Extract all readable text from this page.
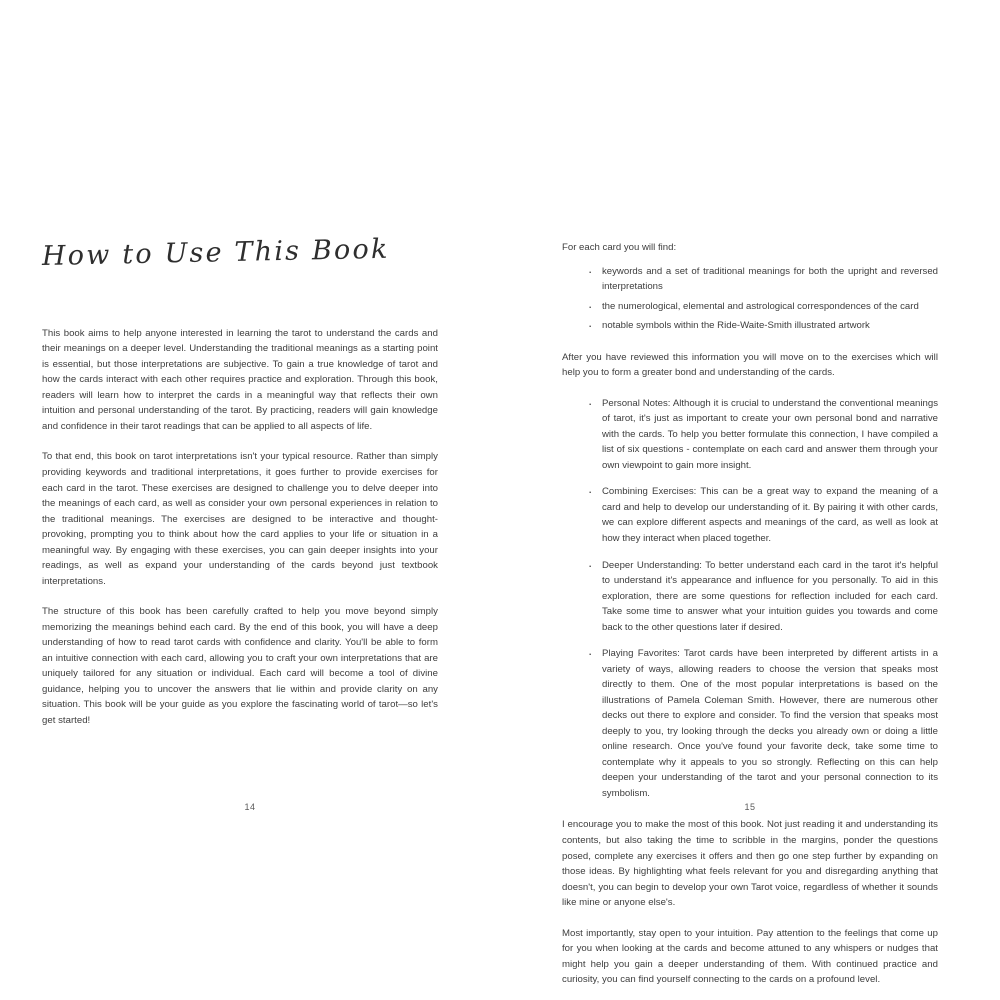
How to Use This Book

This book aims to help anyone interested in learning the tarot to understand the cards and their meanings on a deeper level. Understanding the traditional meanings as a starting point is essential, but those interpretations are subjective. To gain a true knowledge of tarot and how the cards interact with each other requires practice and exploration. Through this book, readers will learn how to interpret the cards in a meaningful way that reflects their own intuition and personal understanding of the tarot. By practicing, readers will gain knowledge and confidence in their tarot readings that can be applied to all aspects of life.

To that end, this book on tarot interpretations isn't your typical resource. Rather than simply providing keywords and traditional interpretations, it goes further to provide exercises for each card in the tarot. These exercises are designed to challenge you to delve deeper into the meanings of each card, as well as consider your own personal experiences in relation to the traditional meanings. The exercises are designed to be interactive and thought-provoking, prompting you to think about how the card applies to your life or situation in a meaningful way. By engaging with these exercises, you can gain deeper insights into your readings, as well as expand your understanding of the cards beyond just textbook interpretations.

The structure of this book has been carefully crafted to help you move beyond simply memorizing the meanings behind each card. By the end of this book, you will have a deep understanding of how to read tarot cards with confidence and clarity. You'll be able to form an intuitive connection with each card, allowing you to craft your own interpretations that are uniquely tailored for any situation or individual. Each card will become a tool of divine guidance, helping you to uncover the answers that lie within and provide clarity on any situation. This book will be your guide as you explore the fascinating world of tarot—so let's get started!

14

For each card you will find:

· keywords and a set of traditional meanings for both the upright and reversed interpretations
· the numerological, elemental and astrological correspondences of the card
· notable symbols within the Ride-Waite-Smith illustrated artwork

After you have reviewed this information you will move on to the exercises which will help you to form a greater bond and understanding of the cards.

· Personal Notes: Although it is crucial to understand the conventional meanings of tarot, it's just as important to create your own personal bond and narrative with the cards. To help you better formulate this connection, I have compiled a list of six questions - contemplate on each card and answer them through your own viewpoint to gain more insight.
· Combining Exercises: This can be a great way to expand the meaning of a card and help to develop our understanding of it. By pairing it with other cards, we can explore different aspects and meanings of the card, as well as look at how they interact when placed together.
· Deeper Understanding: To better understand each card in the tarot it's helpful to understand it's appearance and influence for you personally. To aid in this exploration, there are some questions for reflection included for each card. Take some time to answer what your intuition guides you towards and come back to the other questions later if desired.
· Playing Favorites: Tarot cards have been interpreted by different artists in a variety of ways, allowing readers to choose the version that speaks most directly to them. One of the most popular interpretations is based on the illustrations of Pamela Coleman Smith. However, there are numerous other decks out there to explore and consider. To find the version that speaks most deeply to you, try looking through the decks you already own or doing a little online research. Once you've found your favorite deck, take some time to contemplate why it appeals to you so strongly. Reflecting on this can help deepen your understanding of the tarot and your personal connection to its symbolism.

I encourage you to make the most of this book. Not just reading it and understanding its contents, but also taking the time to scribble in the margins, ponder the questions posed, complete any exercises it offers and then go one step further by expanding on those ideas. By highlighting what feels relevant for you and disregarding anything that doesn't, you can begin to develop your own Tarot voice, regardless of whether it sounds like mine or anyone else's.

Most importantly, stay open to your intuition. Pay attention to the feelings that come up for you when looking at the cards and become attuned to any whispers or nudges that might help you gain a deeper understanding of them. With continued practice and curiosity, you can find yourself connecting to the cards on a profound level.

15
